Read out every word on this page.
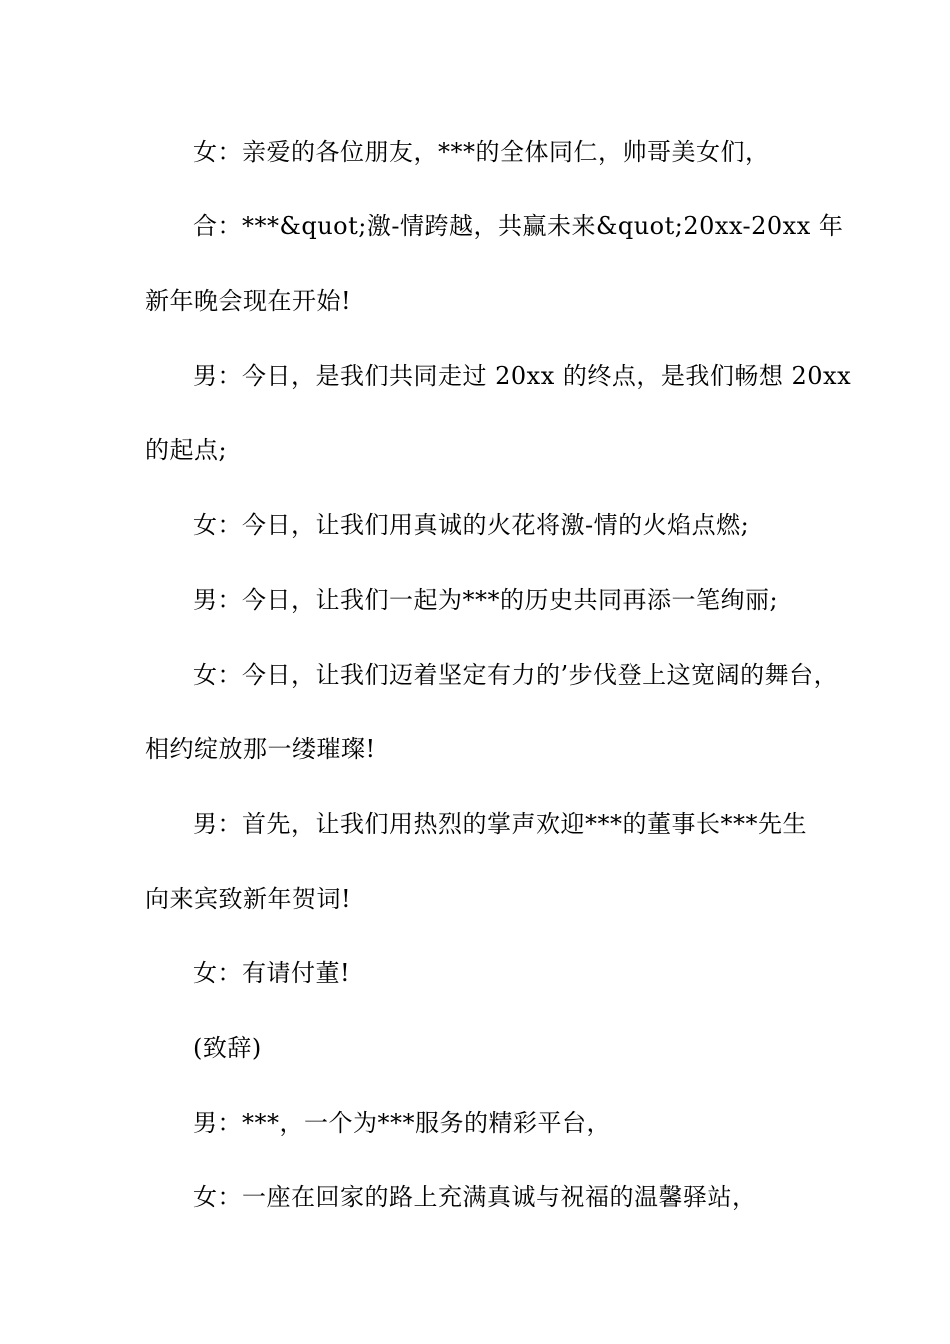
女：亲爱的各位朋友，***的全体同仁，帅哥美女们，
合：***&quot;激-情跨越，共赢未来&quot;20xx-20xx 年
新年晚会现在开始!
男：今日，是我们共同走过 20xx 的终点，是我们畅想 20xx
的起点;
女：今日，让我们用真诚的火花将激-情的火焰点燃;
男：今日，让我们一起为***的历史共同再添一笔绚丽;
女：今日，让我们迈着坚定有力的’步伐登上这宽阔的舞台，
相约绽放那一缕璀璨!
男：首先，让我们用热烈的掌声欢迎***的董事长***先生
向来宾致新年贺词!
女：有请付董!
(致辞)
男：***，一个为***服务的精彩平台，
女：一座在回家的路上充满真诚与祝福的温馨驿站，
